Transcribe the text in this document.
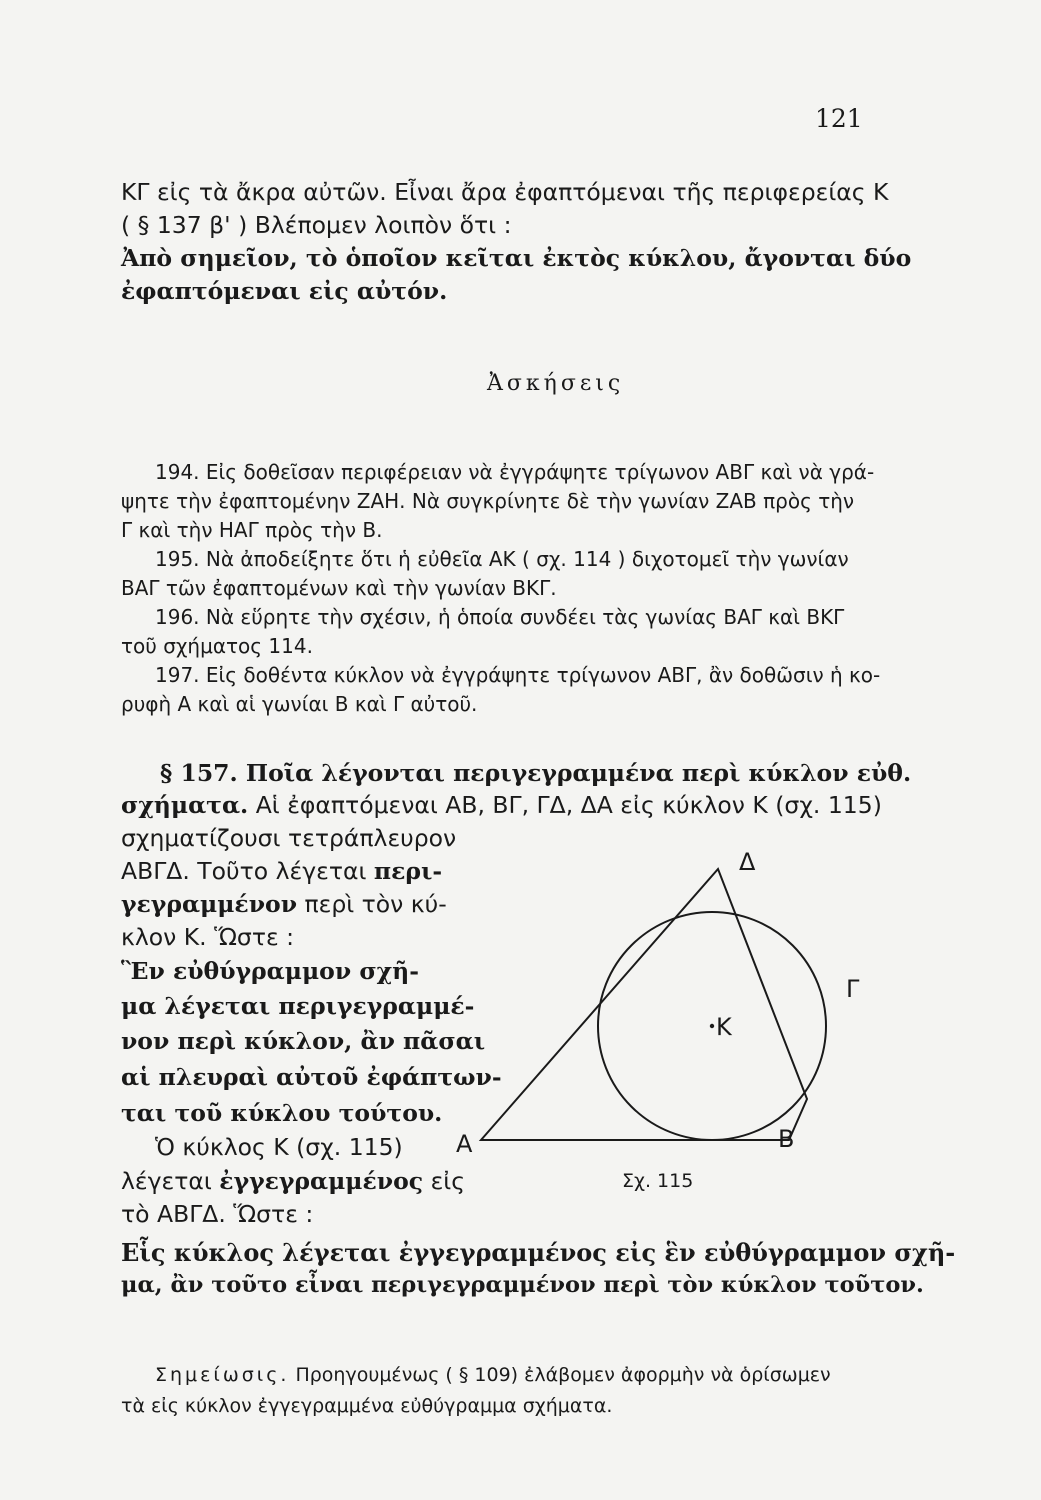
121
ΚΓ εἰς τὰ ἄκρα αὐτῶν. Εἶναι ἄρα ἐφαπτόμεναι τῆς περιφερείας Κ
( § 137 β' ) Βλέπομεν λοιπὸν ὅτι :
Ἀπὸ σημεῖον, τὸ ὁποῖον κεῖται ἐκτὸς κύκλου, ἄγονται δύο
ἐφαπτόμεναι εἰς αὐτόν.
Ἀσκήσεις
194. Εἰς δοθεῖσαν περιφέρειαν νὰ ἐγγράψητε τρίγωνον ΑΒΓ καὶ νὰ γρά-
ψητε τὴν ἐφαπτομένην ΖΑΗ. Νὰ συγκρίνητε δὲ τὴν γωνίαν ΖΑΒ πρὸς τὴν
Γ καὶ τὴν ΗΑΓ πρὸς τὴν Β.
195. Νὰ ἀποδείξητε ὅτι ἡ εὐθεῖα ΑΚ ( σχ. 114 ) διχοτομεῖ τὴν γωνίαν
ΒΑΓ τῶν ἐφαπτομένων καὶ τὴν γωνίαν ΒΚΓ.
196. Νὰ εὕρητε τὴν σχέσιν, ἡ ὁποία συνδέει τὰς γωνίας ΒΑΓ καὶ ΒΚΓ
τοῦ σχήματος 114.
197. Εἰς δοθέντα κύκλον νὰ ἐγγράψητε τρίγωνον ΑΒΓ, ἂν δοθῶσιν ἡ κο-
ρυφὴ Α καὶ αἱ γωνίαι Β καὶ Γ αὐτοῦ.
§ 157. Ποῖα λέγονται περιγεγραμμένα περὶ κύκλον εὐθ.
σχήματα. Αἱ ἐφαπτόμεναι ΑΒ, ΒΓ, ΓΔ, ΔΑ εἰς κύκλον Κ (σχ. 115)
σχηματίζουσι τετράπλευρον
ΑΒΓΔ. Τοῦτο λέγεται περι-
γεγραμμένον περὶ τὸν κύ-
κλον Κ. Ὥστε :
Ἓν εὐθύγραμμον σχῆ-
μα λέγεται περιγεγραμμέ-
νον περὶ κύκλον, ἂν πᾶσαι
αἱ πλευραὶ αὐτοῦ ἐφάπτων-
ται τοῦ κύκλου τούτου.
Ὁ κύκλος Κ (σχ. 115)
λέγεται ἐγγεγραμμένος εἰς
τὸ ΑΒΓΔ. Ὥστε :
Εἷς κύκλος λέγεται ἐγγεγραμμένος εἰς ἓν εὐθύγραμμον σχῆ-
μα, ἂν τοῦτο εἶναι περιγεγραμμένον περὶ τὸν κύκλον τοῦτον.
Σημείωσις. Προηγουμένως ( § 109) ἐλάβομεν ἀφορμὴν νὰ ὁρίσωμεν
τὰ εἰς κύκλον ἐγγεγραμμένα εὐθύγραμμα σχήματα.
Κ
Α	Β
Γ
Δ
Σχ. 115
